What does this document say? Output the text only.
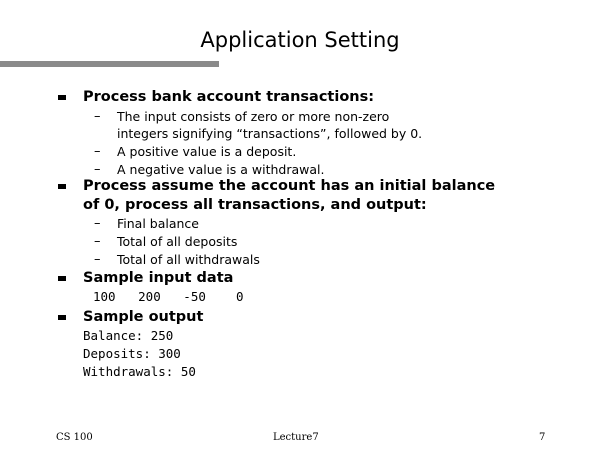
Application Setting
Process bank account transactions:
– The input consists of zero or more non-zero
integers signifying “transactions”, followed by 0.
– A positive value is a deposit.
– A negative value is a withdrawal.
Process assume the account has an initial balance
of 0, process all transactions, and output:
– Final balance
– Total of all deposits
– Total of all withdrawals
Sample input data
100   200   -50    0
Sample output
Balance: 250
Deposits: 300
Withdrawals: 50
CS 100	Lecture7	7
